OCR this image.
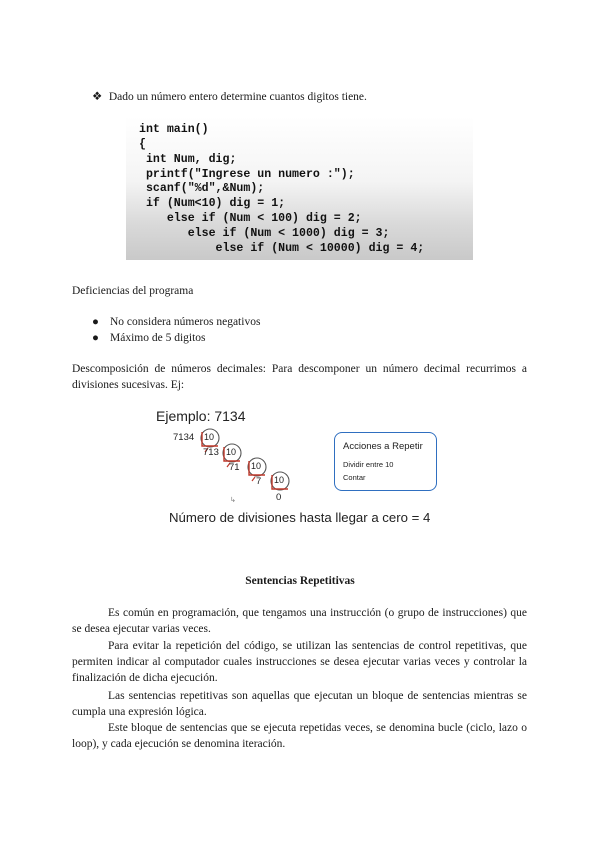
❖ Dado un número entero determine cuantos digitos tiene.
int main()
{
int Num, dig;
printf("Ingrese un numero :");
scanf("%d",&Num);
if (Num<10) dig = 1;
else if (Num < 100) dig = 2;
else if (Num < 1000) dig = 3;
else if (Num < 10000) dig = 4;
Deficiencias del programa
● No considera números negativos
● Máximo de 5 digitos
Descomposición de números decimales: Para descomponer un número decimal recurrimos a divisiones sucesivas. Ej:
Ejemplo: 7134
7134
713
71
7
10
10
10
10
0
↳
Acciones a Repetir
Dividir entre 10
Contar
Número de divisiones hasta llegar a cero = 4
Sentencias Repetitivas
Es común en programación, que tengamos una instrucción (o grupo de instrucciones) que se desea ejecutar varias veces.
Para evitar la repetición del código, se utilizan las sentencias de control repetitivas, que permiten indicar al computador cuales instrucciones se desea ejecutar varias veces y controlar la finalización de dicha ejecución.
Las sentencias repetitivas son aquellas que ejecutan un bloque de sentencias mientras se cumpla una expresión lógica.
Este bloque de sentencias que se ejecuta repetidas veces, se denomina bucle (ciclo, lazo o loop), y cada ejecución se denomina iteración.
